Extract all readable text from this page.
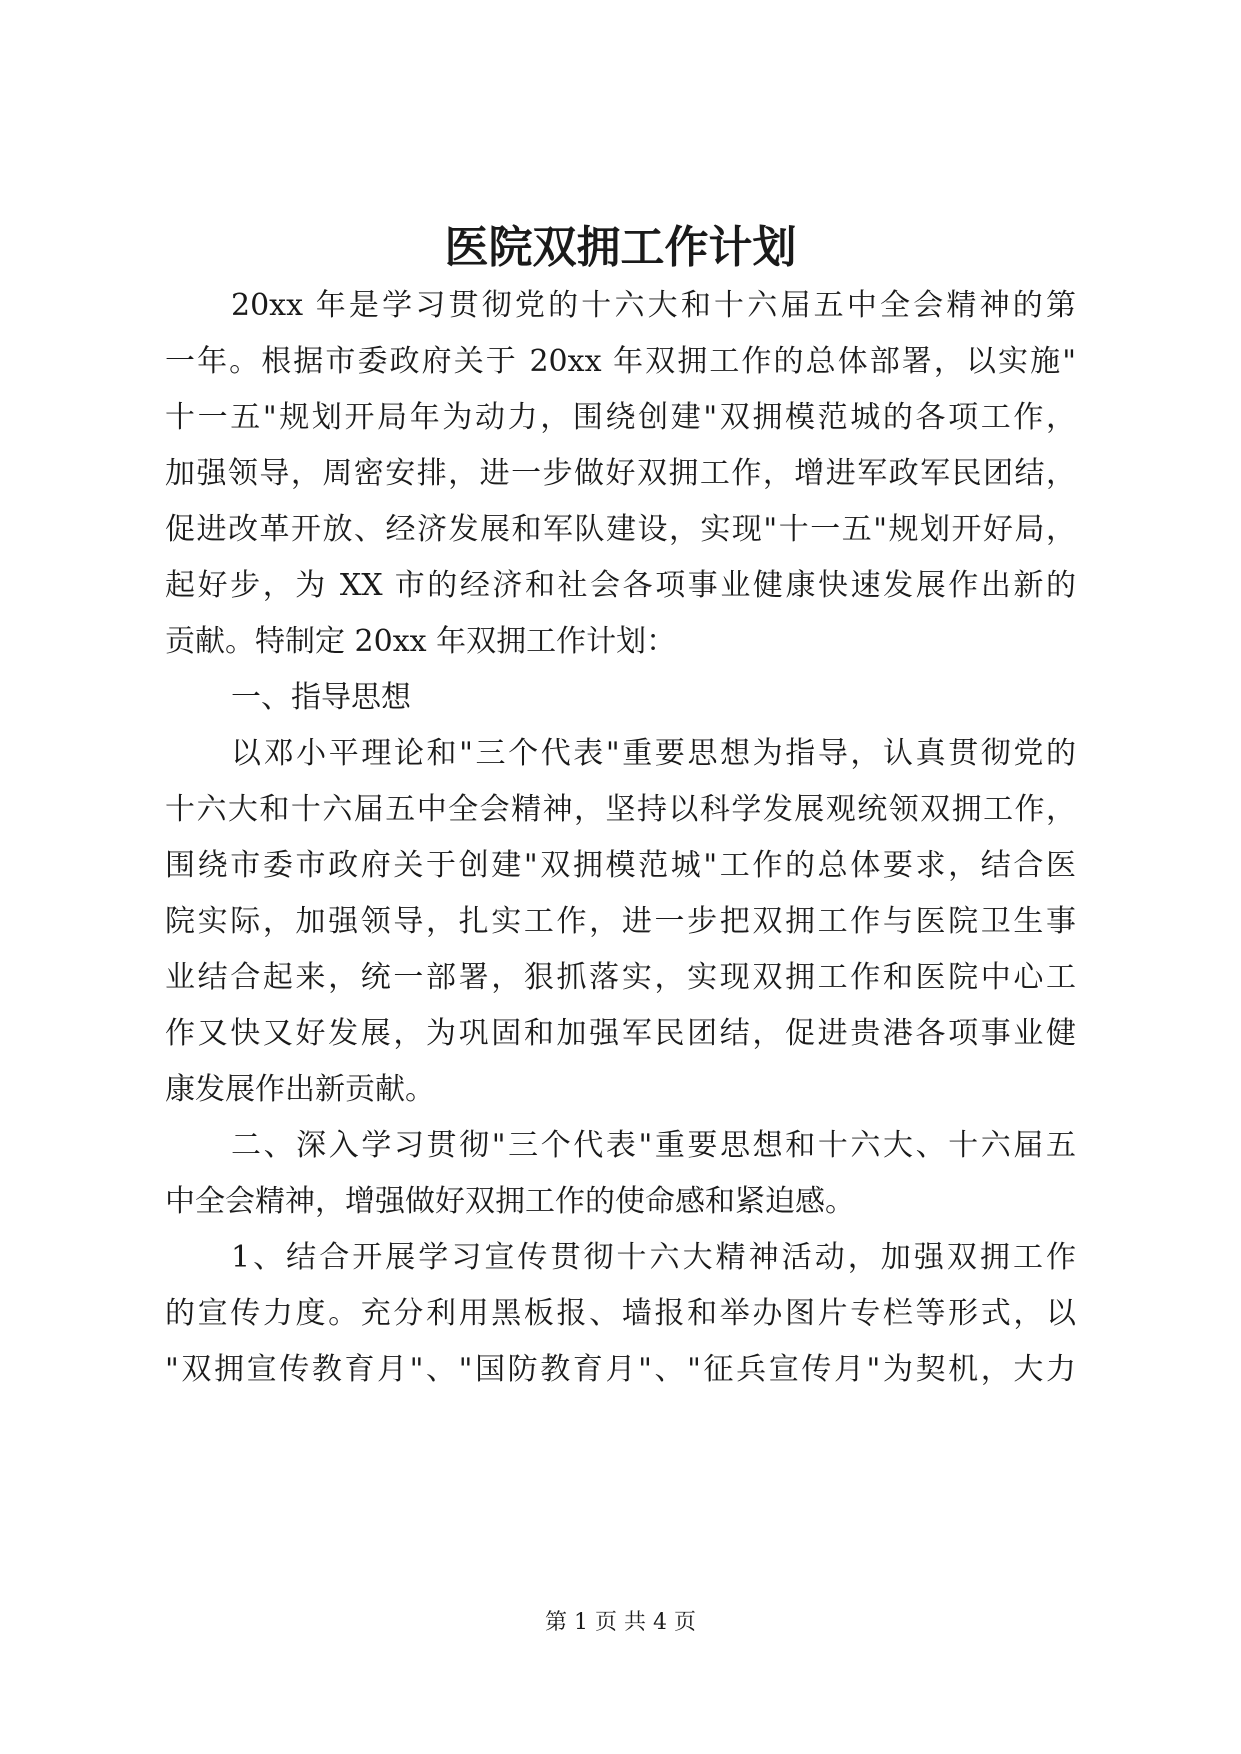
医院双拥工作计划

20xx 年是学习贯彻党的十六大和十六届五中全会精神的第

一年。根据市委政府关于 20xx 年双拥工作的总体部署，以实施"

十一五"规划开局年为动力，围绕创建"双拥模范城的各项工作，

加强领导，周密安排，进一步做好双拥工作，增进军政军民团结，

促进改革开放、经济发展和军队建设，实现"十一五"规划开好局，

起好步，为 XX 市的经济和社会各项事业健康快速发展作出新的

贡献。特制定 20xx 年双拥工作计划：

一、指导思想

以邓小平理论和"三个代表"重要思想为指导，认真贯彻党的

十六大和十六届五中全会精神，坚持以科学发展观统领双拥工作，

围绕市委市政府关于创建"双拥模范城"工作的总体要求，结合医

院实际，加强领导，扎实工作，进一步把双拥工作与医院卫生事

业结合起来，统一部署，狠抓落实，实现双拥工作和医院中心工

作又快又好发展，为巩固和加强军民团结，促进贵港各项事业健

康发展作出新贡献。

二、深入学习贯彻"三个代表"重要思想和十六大、十六届五

中全会精神，增强做好双拥工作的使命感和紧迫感。

1、结合开展学习宣传贯彻十六大精神活动，加强双拥工作

的宣传力度。充分利用黑板报、墙报和举办图片专栏等形式，以

"双拥宣传教育月"、"国防教育月"、"征兵宣传月"为契机，大力

第 1 页 共 4 页
